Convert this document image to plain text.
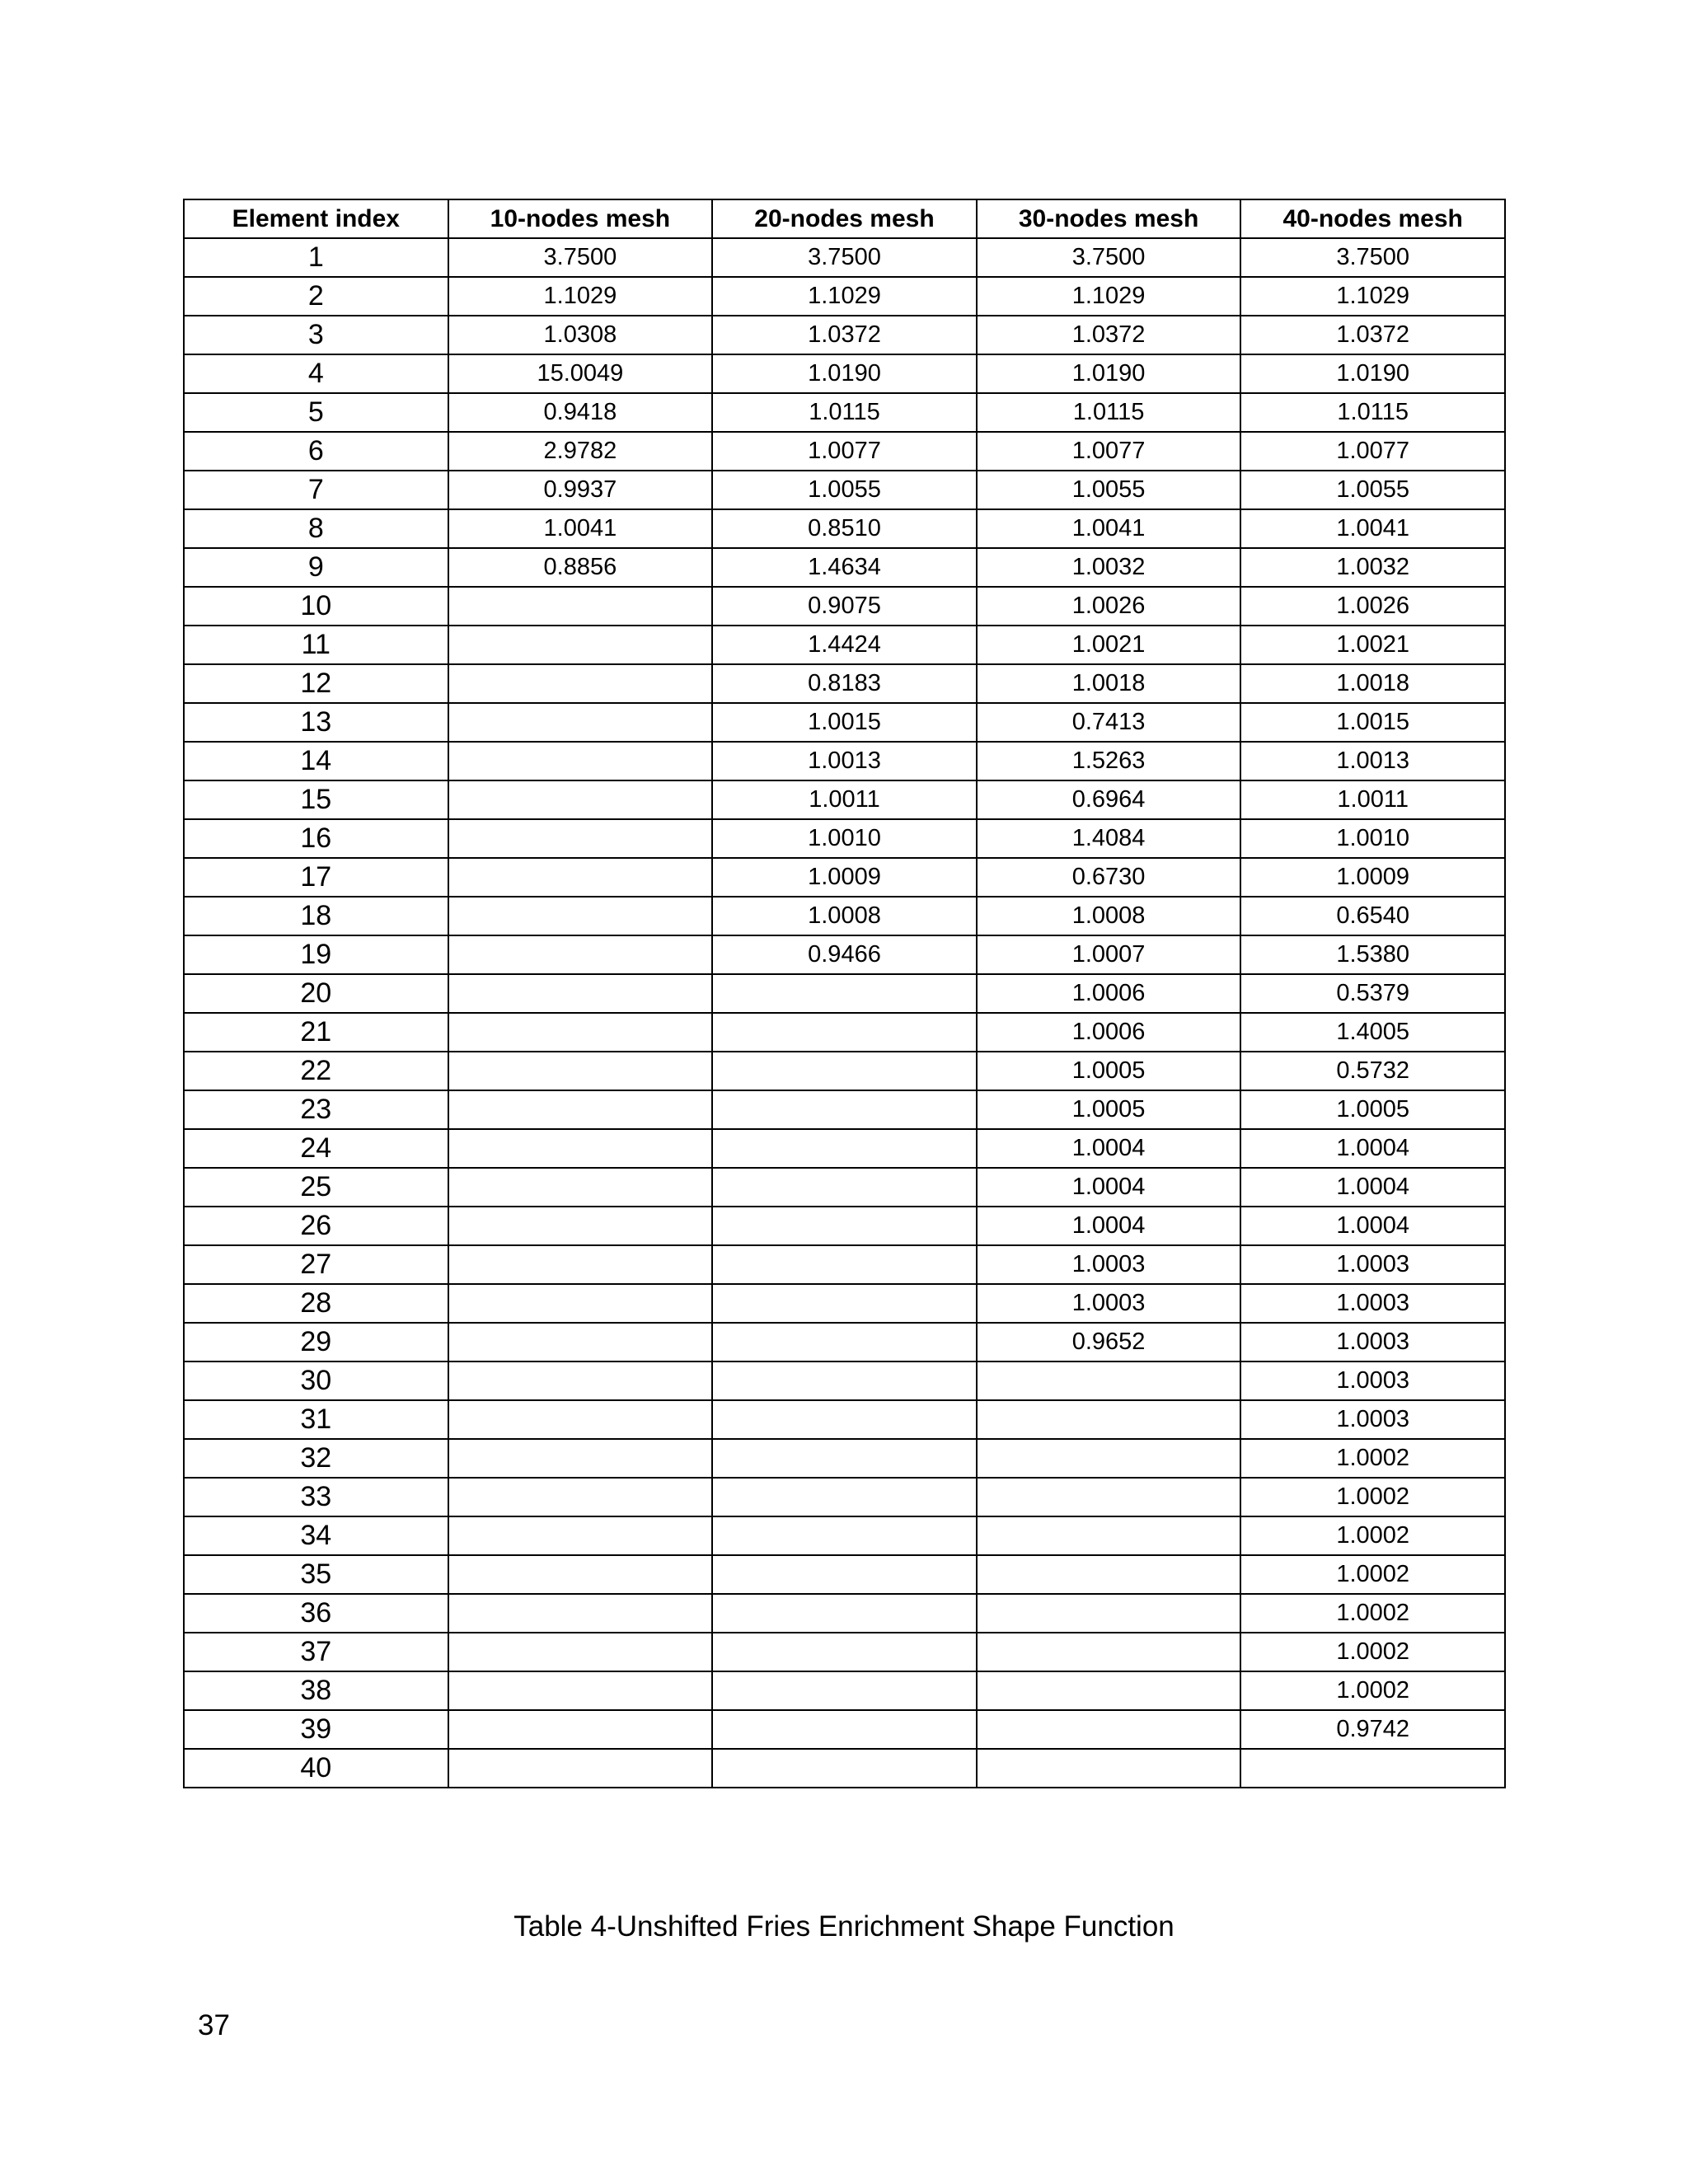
Element index	10-nodes mesh	20-nodes mesh	30-nodes mesh	40-nodes mesh
1	3.7500	3.7500	3.7500	3.7500
2	1.1029	1.1029	1.1029	1.1029
3	1.0308	1.0372	1.0372	1.0372
4	15.0049	1.0190	1.0190	1.0190
5	0.9418	1.0115	1.0115	1.0115
6	2.9782	1.0077	1.0077	1.0077
7	0.9937	1.0055	1.0055	1.0055
8	1.0041	0.8510	1.0041	1.0041
9	0.8856	1.4634	1.0032	1.0032
10		0.9075	1.0026	1.0026
11		1.4424	1.0021	1.0021
12		0.8183	1.0018	1.0018
13		1.0015	0.7413	1.0015
14		1.0013	1.5263	1.0013
15		1.0011	0.6964	1.0011
16		1.0010	1.4084	1.0010
17		1.0009	0.6730	1.0009
18		1.0008	1.0008	0.6540
19		0.9466	1.0007	1.5380
20			1.0006	0.5379
21			1.0006	1.4005
22			1.0005	0.5732
23			1.0005	1.0005
24			1.0004	1.0004
25			1.0004	1.0004
26			1.0004	1.0004
27			1.0003	1.0003
28			1.0003	1.0003
29			0.9652	1.0003
30				1.0003
31				1.0003
32				1.0002
33				1.0002
34				1.0002
35				1.0002
36				1.0002
37				1.0002
38				1.0002
39				0.9742
40				
Table 4-Unshifted Fries Enrichment Shape Function
37
